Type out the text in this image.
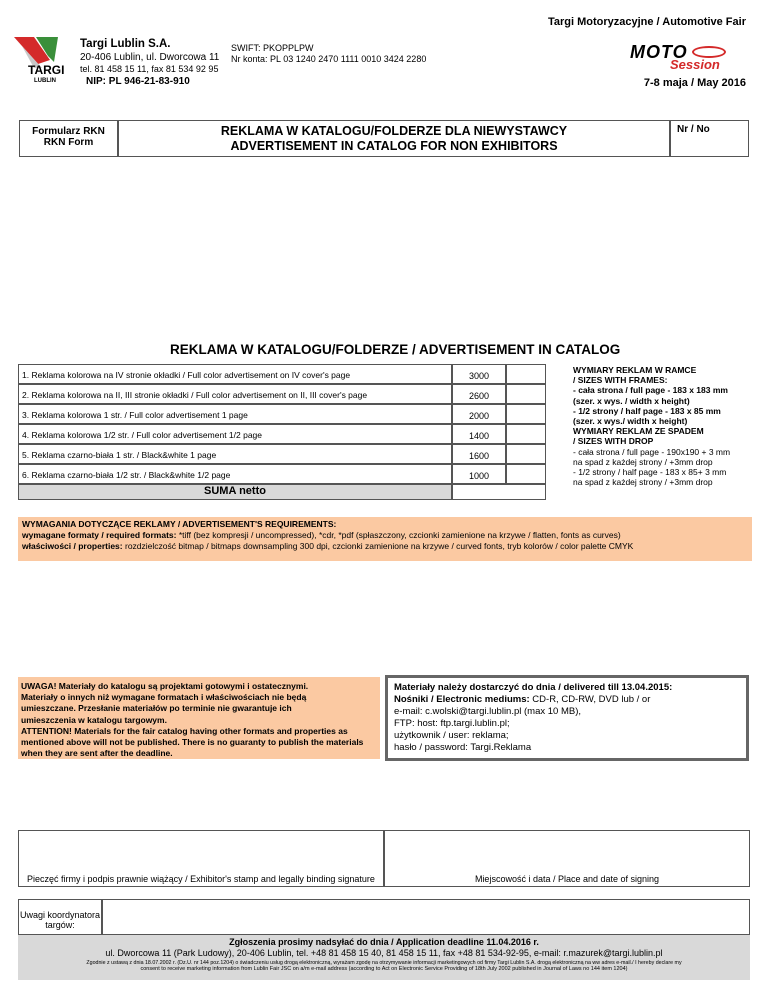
Targi Motoryzacyjne / Automotive Fair
TARGI
LUBLIN
Targi Lublin S.A.
20-406 Lublin, ul. Dworcowa 11
tel. 81 458 15 11, fax 81 534 92 95
NIP: PL 946-21-83-910
SWIFT: PKOPPLPW
Nr konta: PL 03 1240 2470 1111 0010 3424 2280	MOTO
Session
7-8 maja / May 2016
Formularz RKN
RKN Form
REKLAMA W KATALOGU/FOLDERZE DLA NIEWYSTAWCY
ADVERTISEMENT IN CATALOG FOR NON EXHIBITORS
Nr / No
REKLAMA W KATALOGU/FOLDERZE / ADVERTISEMENT IN CATALOG
1. Reklama kolorowa na IV stronie okładki / Full color advertisement on IV cover's page	3000
2. Reklama kolorowa na II, III stronie okładki / Full color advertisement on II, III cover's page	2600
3. Reklama kolorowa 1 str. / Full color advertisement 1 page	2000
4. Reklama kolorowa 1/2 str. / Full color advertisement 1/2 page	1400
5. Reklama czarno-biała 1 str. / Black&white 1 page	1600
6. Reklama czarno-biała 1/2 str. / Black&white 1/2 page	1000
SUMA netto
WYMIARY REKLAM W RAMCE
/ SIZES WITH FRAMES:
- cała strona / full page - 183 x 183 mm
(szer. x wys. / width x height)
- 1/2 strony / half page - 183 x 85 mm
(szer. x wys./ width x height)
WYMIARY REKLAM ZE SPADEM
/ SIZES WITH DROP
- cała strona / full page - 190x190 + 3 mm
na spad z każdej strony / +3mm drop
- 1/2 strony / half page - 183 x 85+ 3 mm
na spad z każdej strony / +3mm drop
WYMAGANIA DOTYCZĄCE REKLAMY / ADVERTISEMENT'S REQUIREMENTS:
wymagane formaty / required formats: *tiff (bez kompresji / uncompressed), *cdr, *pdf (spłaszczony, czcionki zamienione na krzywe / flatten, fonts as curves)
właściwości / properties: rozdzielczość bitmap / bitmaps downsampling 300 dpi, czcionki zamienione na krzywe / curved fonts, tryb kolorów / color palette CMYK
UWAGA! Materiały do katalogu są projektami gotowymi i ostatecznymi.
Materiały o innych niż wymagane formatach i właściwościach nie będą
umieszczane. Przesłanie materiałów po terminie nie gwarantuje ich
umieszczenia w katalogu targowym.
ATTENTION! Materials for the fair catalog having other formats and properties as
mentioned above will not be published. There is no guaranty to publish the materials
when they are sent after the deadline.
Materiały należy dostarczyć do dnia / delivered till 13.04.2015:
Nośniki / Electronic mediums: CD-R, CD-RW, DVD lub / or
e-mail: c.wolski@targi.lublin.pl (max 10 MB),
FTP: host: ftp.targi.lublin.pl;
użytkownik / user: reklama;
hasło / password: Targi.Reklama
Pieczęć firmy i podpis prawnie wiążący / Exhibitor's stamp and legally binding signature	Miejscowość i data / Place and date of signing
Uwagi koordynatora
targów:
Zgłoszenia prosimy nadsyłać do dnia / Application deadline 11.04.2016 r.
ul. Dworcowa 11 (Park Ludowy), 20-406 Lublin, tel. +48 81 458 15 40, 81 458 15 11, fax +48 81 534-92-95, e-mail: r.mazurek@targi.lublin.pl
Zgodnie z ustawą z dnia 18.07.2002 r. (Dz.U. nr 144 poz.1204) o świadczeniu usług drogą elektroniczną, wyrażam zgodę na otrzymywanie informacji marketingowych od firmy Targi Lublin S.A. drogą elektroniczną na ww adres e-mail./ I hereby declare my
consent to receive marketing information from Lublin Fair JSC on a/m e-mail address (according to Act on Electronic Service Providing of 18th July 2002 published in Journal of Laws no 144 item 1204)
